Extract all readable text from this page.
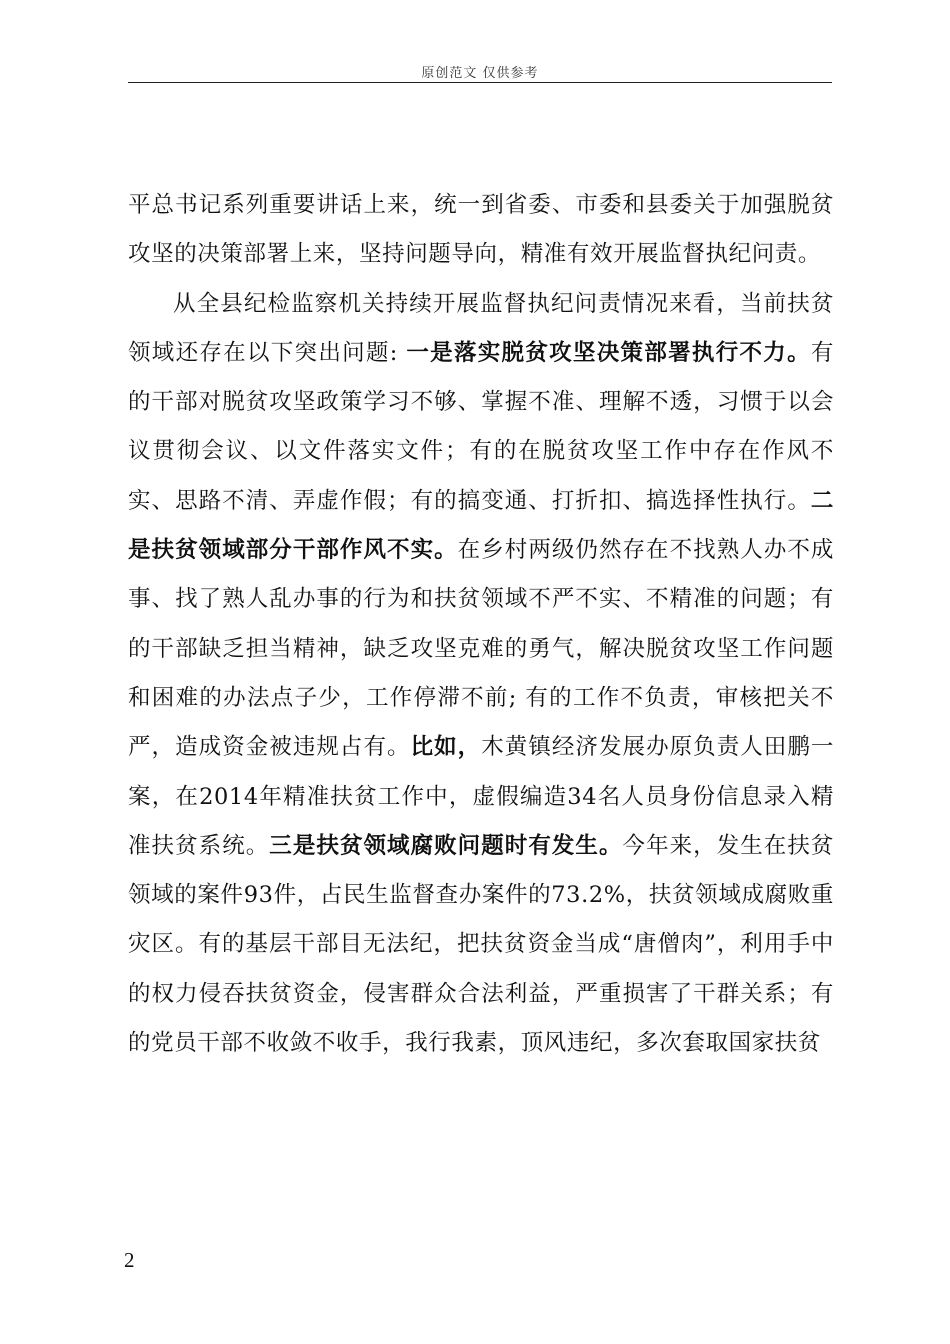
原创范文 仅供参考

平总书记系列重要讲话上来，统一到省委、市委和县委关于加强脱贫攻坚的决策部署上来，坚持问题导向，精准有效开展监督执纪问责。

从全县纪检监察机关持续开展监督执纪问责情况来看，当前扶贫领域还存在以下突出问题: 一是落实脱贫攻坚决策部署执行不力。有的干部对脱贫攻坚政策学习不够、掌握不准、理解不透，习惯于以会议贯彻会议、以文件落实文件；有的在脱贫攻坚工作中存在作风不实、思路不清、弄虚作假；有的搞变通、打折扣、搞选择性执行。二是扶贫领域部分干部作风不实。在乡村两级仍然存在不找熟人办不成事、找了熟人乱办事的行为和扶贫领域不严不实、不精准的问题；有的干部缺乏担当精神，缺乏攻坚克难的勇气，解决脱贫攻坚工作问题和困难的办法点子少，工作停滞不前; 有的工作不负责，审核把关不严，造成资金被违规占有。比如，木黄镇经济发展办原负责人田鹏一案，在2014年精准扶贫工作中，虚假编造34名人员身份信息录入精准扶贫系统。三是扶贫领域腐败问题时有发生。今年来，发生在扶贫领域的案件93件，占民生监督查办案件的73.2%，扶贫领域成腐败重灾区。有的基层干部目无法纪，把扶贫资金当成“唐僧肉”，利用手中的权力侵吞扶贫资金，侵害群众合法利益，严重损害了干群关系；有的党员干部不收敛不收手，我行我素，顶风违纪，多次套取国家扶贫

2
